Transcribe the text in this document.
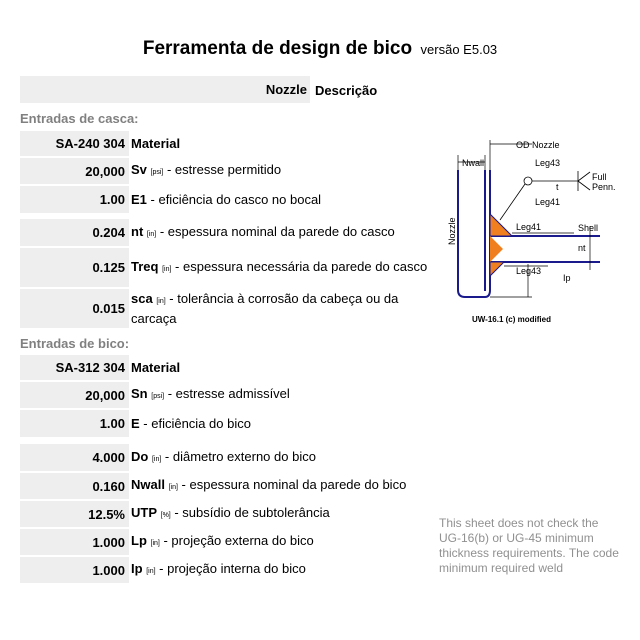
Ferramenta de design de bico versão E5.03
Nozzle Descrição
Entradas de casca:
SA-240 304 Material
20,000 Sv [psi] - estresse permitido
1.00 E1 - eficiência do casco no bocal
0.204 nt [in] - espessura nominal da parede do casco
0.125 Treq [in] - espessura necessária da parede do casco
0.015
sca [in] - tolerância à corrosão da cabeça ou da carcaça
Entradas de bico:
SA-312 304 Material
20,000 Sn [psi] - estresse admissível
1.00 E - eficiência do bico
4.000 Do [in] - diâmetro externo do bico
0.160 Nwall [in] - espessura nominal da parede do bico
12.5% UTP [%] - subsídio de subtolerância
1.000 Lp [in] - projeção externa do bico
1.000 Ip [in] - projeção interna do bico
OD Nozzle
Nwall
Nozzle
Leg43
t
Full
Penn.
Leg41
Leg41	Shell
nt
Leg43
Ip
UW-16.1 (c) modified
This sheet does not check the UG-16(b) or UG-45 minimum thickness requirements. The code minimum required weld
